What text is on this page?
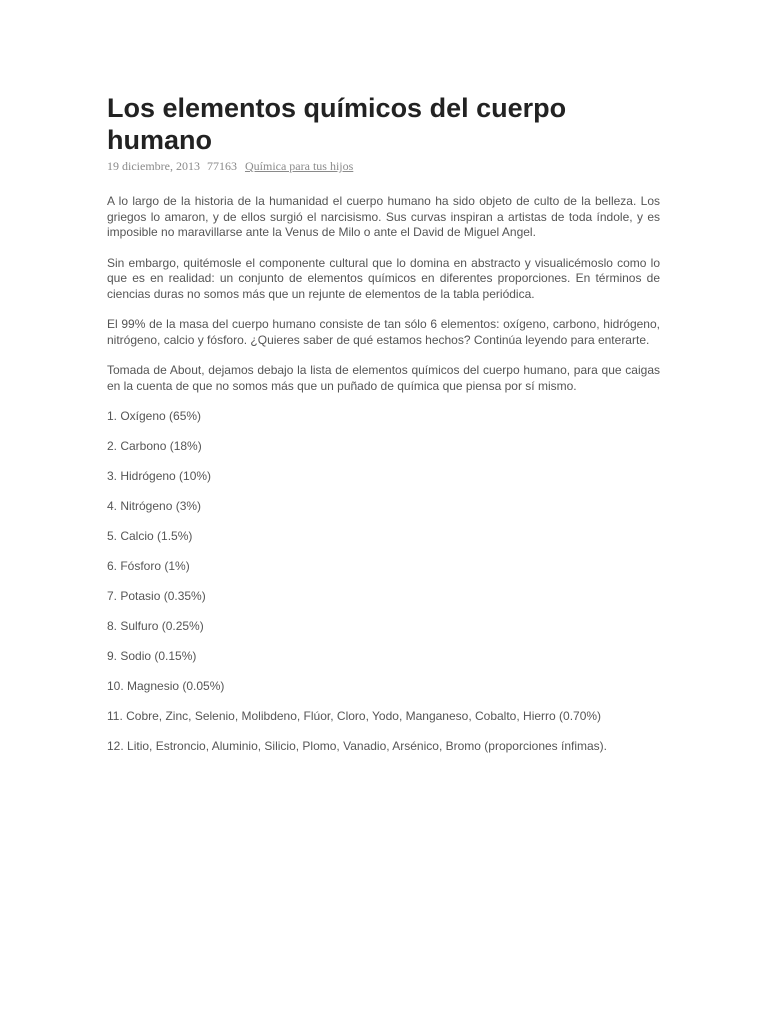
Los elementos químicos del cuerpo humano
19 diciembre, 2013 77163 Química para tus hijos

A lo largo de la historia de la humanidad el cuerpo humano ha sido objeto de culto de la belleza. Los griegos lo amaron, y de ellos surgió el narcisismo. Sus curvas inspiran a artistas de toda índole, y es imposible no maravillarse ante la Venus de Milo o ante el David de Miguel Angel.

Sin embargo, quitémosle el componente cultural que lo domina en abstracto y visualicémoslo como lo que es en realidad: un conjunto de elementos químicos en diferentes proporciones. En términos de ciencias duras no somos más que un rejunte de elementos de la tabla periódica.

El 99% de la masa del cuerpo humano consiste de tan sólo 6 elementos: oxígeno, carbono, hidrógeno, nitrógeno, calcio y fósforo. ¿Quieres saber de qué estamos hechos? Continúa leyendo para enterarte.

Tomada de About, dejamos debajo la lista de elementos químicos del cuerpo humano, para que caigas en la cuenta de que no somos más que un puñado de química que piensa por sí mismo.

1. Oxígeno (65%)
2. Carbono (18%)
3. Hidrógeno (10%)
4. Nitrógeno (3%)
5. Calcio (1.5%)
6. Fósforo (1%)
7. Potasio (0.35%)
8. Sulfuro (0.25%)
9. Sodio (0.15%)
10. Magnesio (0.05%)
11. Cobre, Zinc, Selenio, Molibdeno, Flúor, Cloro, Yodo, Manganeso, Cobalto, Hierro (0.70%)
12. Litio, Estroncio, Aluminio, Silicio, Plomo, Vanadio, Arsénico, Bromo (proporciones ínfimas).
